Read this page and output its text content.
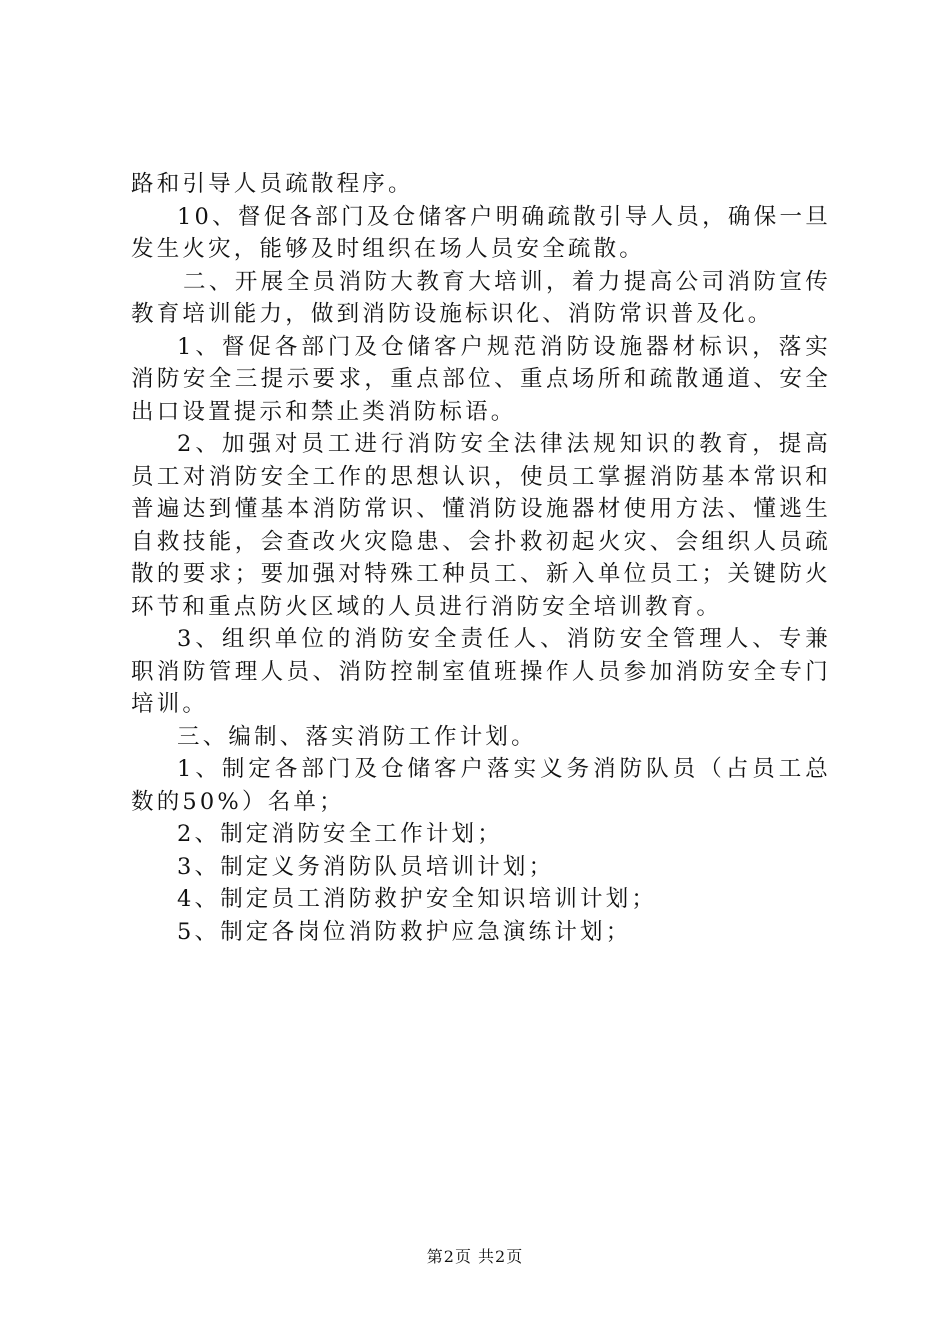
路和引导人员疏散程序。

10、督促各部门及仓储客户明确疏散引导人员，确保一旦发生火灾，能够及时组织在场人员安全疏散。

二、开展全员消防大教育大培训，着力提高公司消防宣传教育培训能力，做到消防设施标识化、消防常识普及化。

1、督促各部门及仓储客户规范消防设施器材标识，落实消防安全三提示要求，重点部位、重点场所和疏散通道、安全出口设置提示和禁止类消防标语。

2、加强对员工进行消防安全法律法规知识的教育，提高员工对消防安全工作的思想认识，使员工掌握消防基本常识和普遍达到懂基本消防常识、懂消防设施器材使用方法、懂逃生自救技能，会查改火灾隐患、会扑救初起火灾、会组织人员疏散的要求；要加强对特殊工种员工、新入单位员工；关键防火环节和重点防火区域的人员进行消防安全培训教育。

3、组织单位的消防安全责任人、消防安全管理人、专兼职消防管理人员、消防控制室值班操作人员参加消防安全专门培训。

三、编制、落实消防工作计划。

1、制定各部门及仓储客户落实义务消防队员（占员工总数的50%）名单；

2、制定消防安全工作计划；

3、制定义务消防队员培训计划；

4、制定员工消防救护安全知识培训计划；

5、制定各岗位消防救护应急演练计划；

第2页 共2页
